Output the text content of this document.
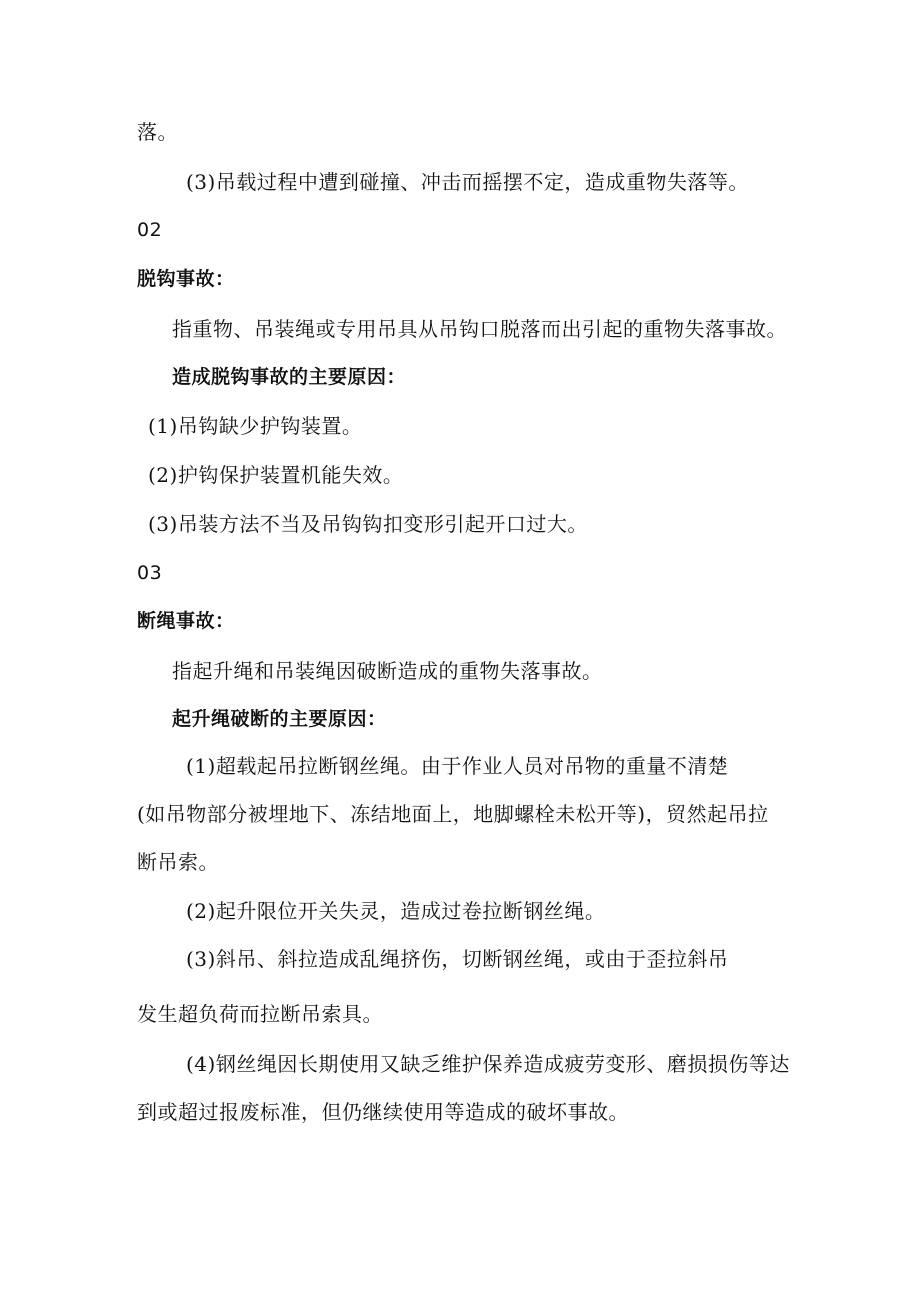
落。
(3)吊载过程中遭到碰撞、冲击而摇摆不定，造成重物失落等。
02
脱钩事故：
指重物、吊装绳或专用吊具从吊钩口脱落而出引起的重物失落事故。
造成脱钩事故的主要原因：
(1)吊钩缺少护钩装置。
(2)护钩保护装置机能失效。
(3)吊装方法不当及吊钩钩扣变形引起开口过大。
03
断绳事故：
指起升绳和吊装绳因破断造成的重物失落事故。
起升绳破断的主要原因：
(1)超载起吊拉断钢丝绳。由于作业人员对吊物的重量不清楚
(如吊物部分被埋地下、冻结地面上，地脚螺栓未松开等)，贸然起吊拉
断吊索。
(2)起升限位开关失灵，造成过卷拉断钢丝绳。
(3)斜吊、斜拉造成乱绳挤伤，切断钢丝绳，或由于歪拉斜吊
发生超负荷而拉断吊索具。
(4)钢丝绳因长期使用又缺乏维护保养造成疲劳变形、磨损损伤等达
到或超过报废标准，但仍继续使用等造成的破坏事故。
